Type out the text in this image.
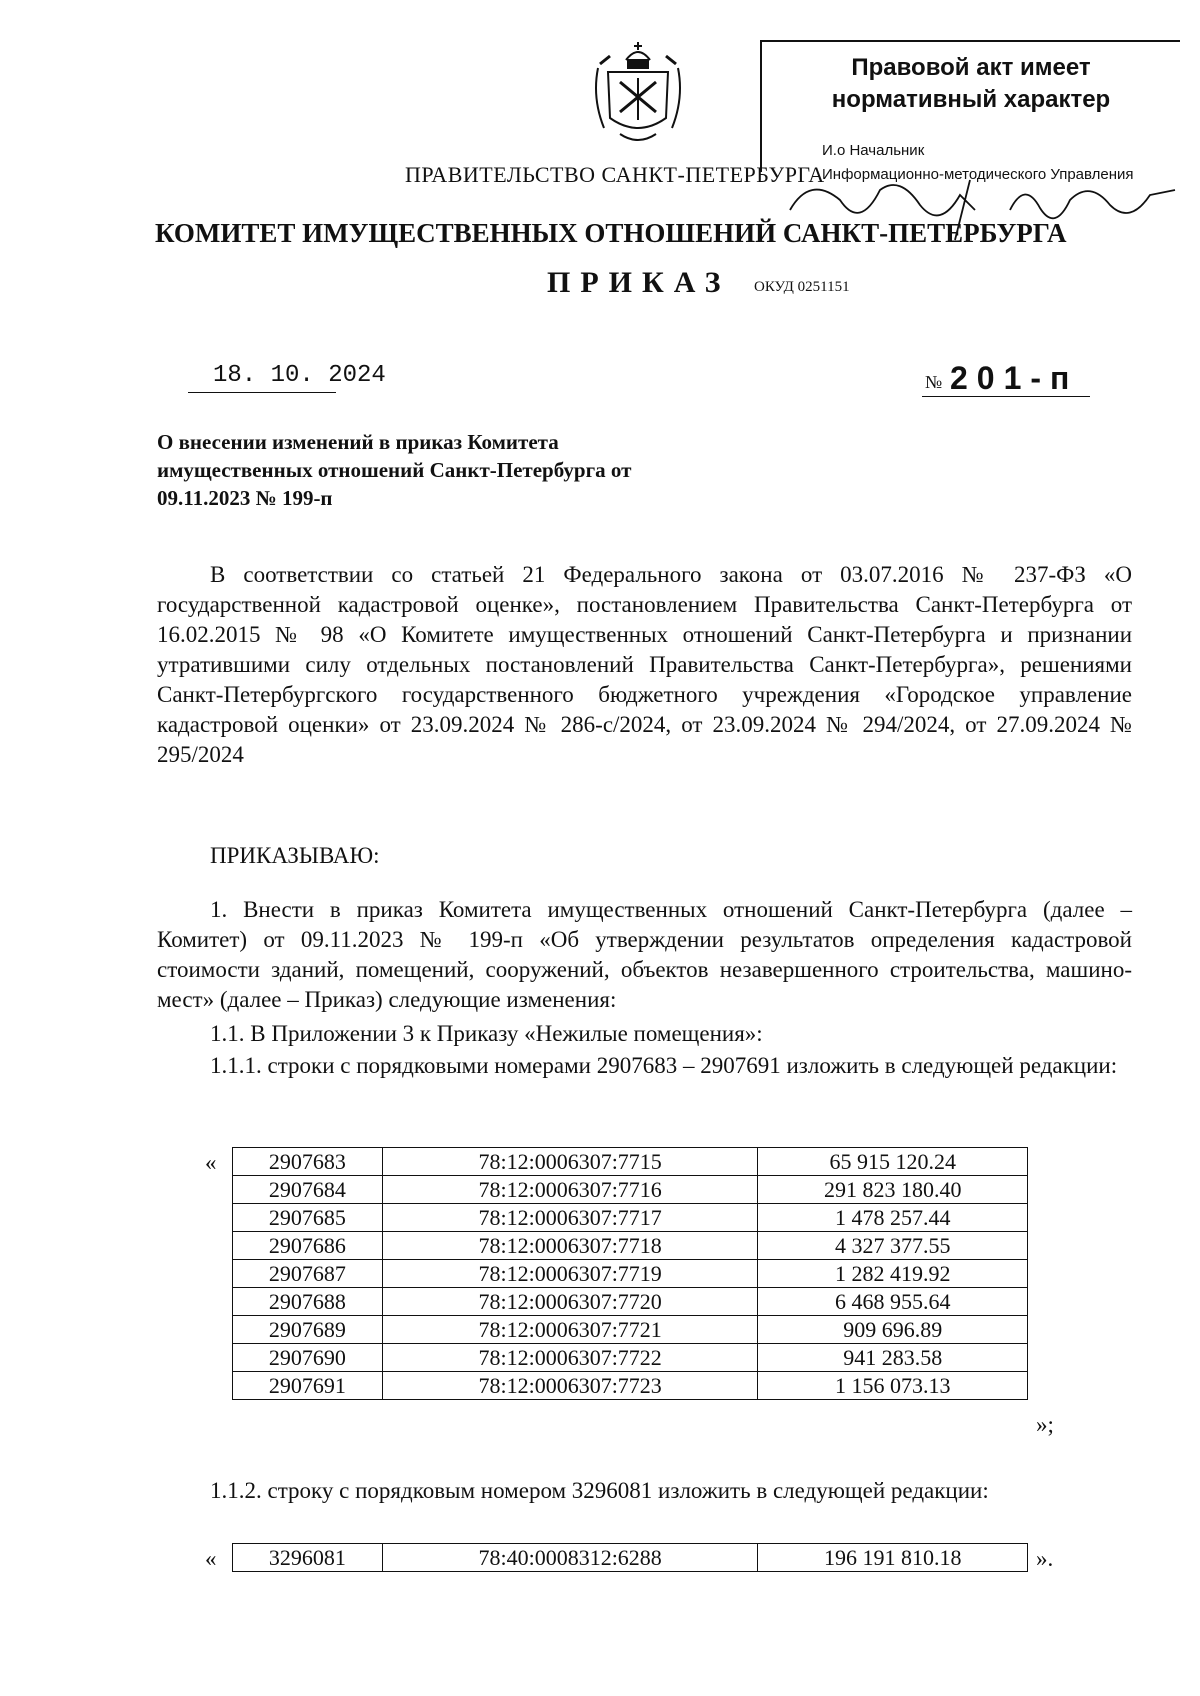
Правовой акт имеет
нормативный характер
И.о Начальник
Информационно-методического Управления
ПРАВИТЕЛЬСТВО САНКТ-ПЕТЕРБУРГА
КОМИТЕТ ИМУЩЕСТВЕННЫХ ОТНОШЕНИЙ САНКТ-ПЕТЕРБУРГА
ПРИКАЗ ОКУД 0251151
18. 10. 2024	№ 201-п
О внесении изменений в приказ Комитета имущественных отношений Санкт-Петербурга от 09.11.2023 № 199-п
В соответствии со статьей 21 Федерального закона от 03.07.2016 № 237-ФЗ «О государственной кадастровой оценке», постановлением Правительства Санкт-Петербурга от 16.02.2015 № 98 «О Комитете имущественных отношений Санкт-Петербурга и признании утратившими силу отдельных постановлений Правительства Санкт-Петербурга», решениями Санкт-Петербургского государственного бюджетного учреждения «Городское управление кадастровой оценки» от 23.09.2024 № 286-с/2024, от 23.09.2024 № 294/2024, от 27.09.2024 № 295/2024
ПРИКАЗЫВАЮ:
1. Внести в приказ Комитета имущественных отношений Санкт-Петербурга (далее – Комитет) от 09.11.2023 № 199-п «Об утверждении результатов определения кадастровой стоимости зданий, помещений, сооружений, объектов незавершенного строительства, машино-мест» (далее – Приказ) следующие изменения:
1.1. В Приложении 3 к Приказу «Нежилые помещения»:
1.1.1. строки с порядковыми номерами 2907683 – 2907691 изложить в следующей редакции:
« 2907683	78:12:0006307:7715	65 915 120.24
2907684	78:12:0006307:7716	291 823 180.40
2907685	78:12:0006307:7717	1 478 257.44
2907686	78:12:0006307:7718	4 327 377.55
2907687	78:12:0006307:7719	1 282 419.92
2907688	78:12:0006307:7720	6 468 955.64
2907689	78:12:0006307:7721	909 696.89
2907690	78:12:0006307:7722	941 283.58
2907691	78:12:0006307:7723	1 156 073.13
»;
1.1.2. строку с порядковым номером 3296081 изложить в следующей редакции:
« 3296081	78:40:0008312:6288	196 191 810.18	».
